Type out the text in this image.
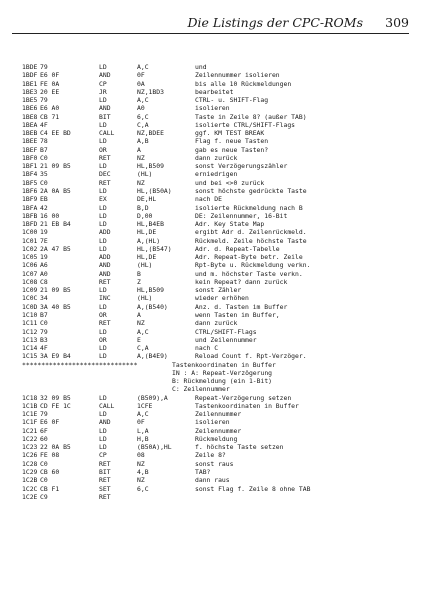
Die Listings der CPC-ROMs 309
1BDE 79	LD	A,C	und
1BDF E6 0F	AND	0F	Zeilennummer isolieren
1BE1 FE 0A	CP	0A	bis alle 10 Rückmeldungen
1BE3 20 EE	JR	NZ,1BD3	bearbeitet
1BE5 79	LD	A,C	CTRL- u. SHIFT-Flag
1BE6 E6 A0	AND	A0	isolieren
1BE8 CB 71	BIT	6,C	Taste in Zeile 8? (außer TAB)
1BEA 4F	LD	C,A	isolierte CTRL/SHIFT-Flags
1BEB C4 EE BD	CALL	NZ,BDEE	ggf. KM TEST BREAK
1BEE 78	LD	A,B	Flag f. neue Tasten
1BEF B7	OR	A	gab es neue Tasten?
1BF0 C0	RET	NZ	dann zurück
1BF1 21 09 B5	LD	HL,B509	sonst Verzögerungszähler
1BF4 35	DEC	(HL)	erniedrigen
1BF5 C0	RET	NZ	und bei <>0 zurück
1BF6 2A 0A B5	LD	HL,(B50A)	sonst höchste gedrückte Taste
1BF9 EB	EX	DE,HL	nach DE
1BFA 42	LD	B,D	isolierte Rückmeldung nach B
1BFB 16 00	LD	D,00	DE: Zeilennummer, 16-Bit
1BFD 21 EB B4	LD	HL,B4EB	Adr. Key State Map
1C00 19	ADD	HL,DE	ergibt Adr d. Zeilenrückmeld.
1C01 7E	LD	A,(HL)	Rückmeld. Zeile höchste Taste
1C02 2A 47 B5	LD	HL,(B547)	Adr. d. Repeat-Tabelle
1C05 19	ADD	HL,DE	Adr. Repeat-Byte betr. Zeile
1C06 A6	AND	(HL)	Rpt-Byte u. Rückmeldung verkn.
1C07 A0	AND	B	und m. höchster Taste verkn.
1C08 C8	RET	Z	kein Repeat? dann zurück
1C09 21 09 B5	LD	HL,B509	sonst Zähler
1C0C 34	INC	(HL)	wieder erhöhen
1C0D 3A 40 B5	LD	A,(B540)	Anz. d. Tasten im Buffer
1C10 B7	OR	A	wenn Tasten im Buffer,
1C11 C0	RET	NZ	dann zurück
1C12 79	LD	A,C	CTRL/SHIFT-Flags
1C13 B3	OR	E	und Zeilennummer
1C14 4F	LD	C,A	nach C
1C15 3A E9 B4	LD	A,(B4E9)	Reload Count f. Rpt-Verzöger.
******************************	Tastenkoordinaten in Buffer
IN : A: Repeat-Verzögerung
B: Rückmeldung (ein 1-Bit)
C: Zeilennummer
1C18 32 09 B5	LD	(B509),A	Repeat-Verzögerung setzen
1C1B CD FE 1C	CALL	1CFE	Tastenkoordinaten in Buffer
1C1E 79	LD	A,C	Zeilennummer
1C1F E6 0F	AND	0F	isolieren
1C21 6F	LD	L,A	Zeilennummer
1C22 60	LD	H,B	Rückmeldung
1C23 22 0A B5	LD	(B50A),HL	f. höchste Taste setzen
1C26 FE 08	CP	08	Zeile 8?
1C28 C0	RET	NZ	sonst raus
1C29 CB 60	BIT	4,B	TAB?
1C2B C0	RET	NZ	dann raus
1C2C CB F1	SET	6,C	sonst Flag f. Zeile 8 ohne TAB
1C2E C9	RET
